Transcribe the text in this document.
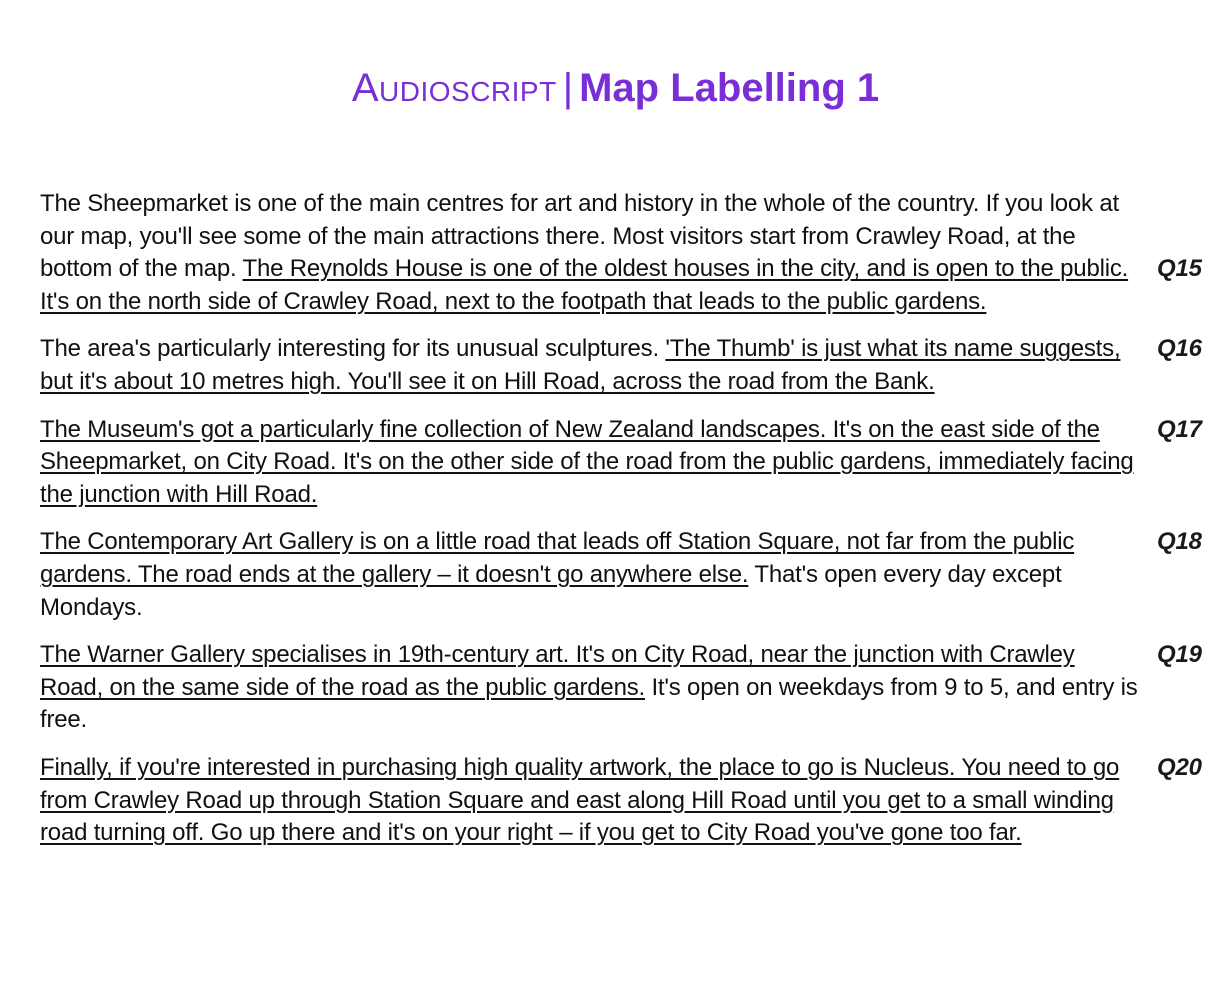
Audioscript | Map Labelling 1
The Sheepmarket is one of the main centres for art and history in the whole of the country. If you look at our map, you'll see some of the main attractions there. Most visitors start from Crawley Road, at the bottom of the map. The Reynolds House is one of the oldest houses in the city, and is open to the public. It's on the north side of Crawley Road, next to the footpath that leads to the public gardens.
Q15
The area's particularly interesting for its unusual sculptures. 'The Thumb' is just what its name suggests, but it's about 10 metres high. You'll see it on Hill Road, across the road from the Bank.
Q16
The Museum's got a particularly fine collection of New Zealand landscapes. It's on the east side of the Sheepmarket, on City Road. It's on the other side of the road from the public gardens, immediately facing the junction with Hill Road.
Q17
The Contemporary Art Gallery is on a little road that leads off Station Square, not far from the public gardens. The road ends at the gallery – it doesn't go anywhere else. That's open every day except Mondays.
Q18
The Warner Gallery specialises in 19th-century art. It's on City Road, near the junction with Crawley Road, on the same side of the road as the public gardens. It's open on weekdays from 9 to 5, and entry is free.
Q19
Finally, if you're interested in purchasing high quality artwork, the place to go is Nucleus. You need to go from Crawley Road up through Station Square and east along Hill Road until you get to a small winding road turning off. Go up there and it's on your right – if you get to City Road you've gone too far.
Q20
